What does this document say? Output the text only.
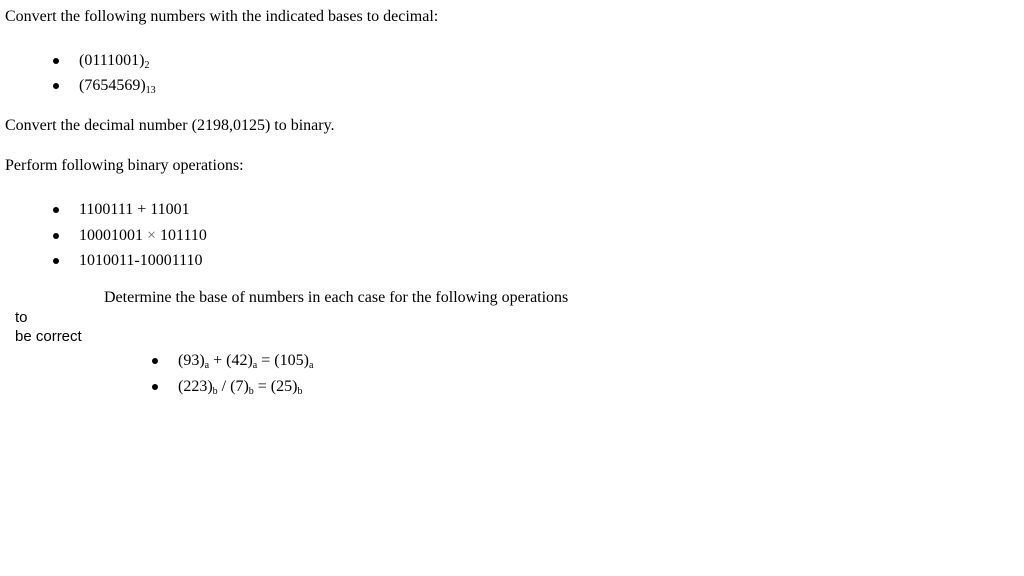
Convert the following numbers with the indicated bases to decimal:
$(0111001)_2$
$(7654569)_{13}$
Convert the decimal number (2198,0125) to binary.
Perform following binary operations:
1100111 + 11001
10001001 × 101110
1010011-10001110
Determine the base of numbers in each case for the following operations
to
be correct
$(93)_a + (42)_a = (105)_a$
$(223)_b / (7)_b = (25)_b$
